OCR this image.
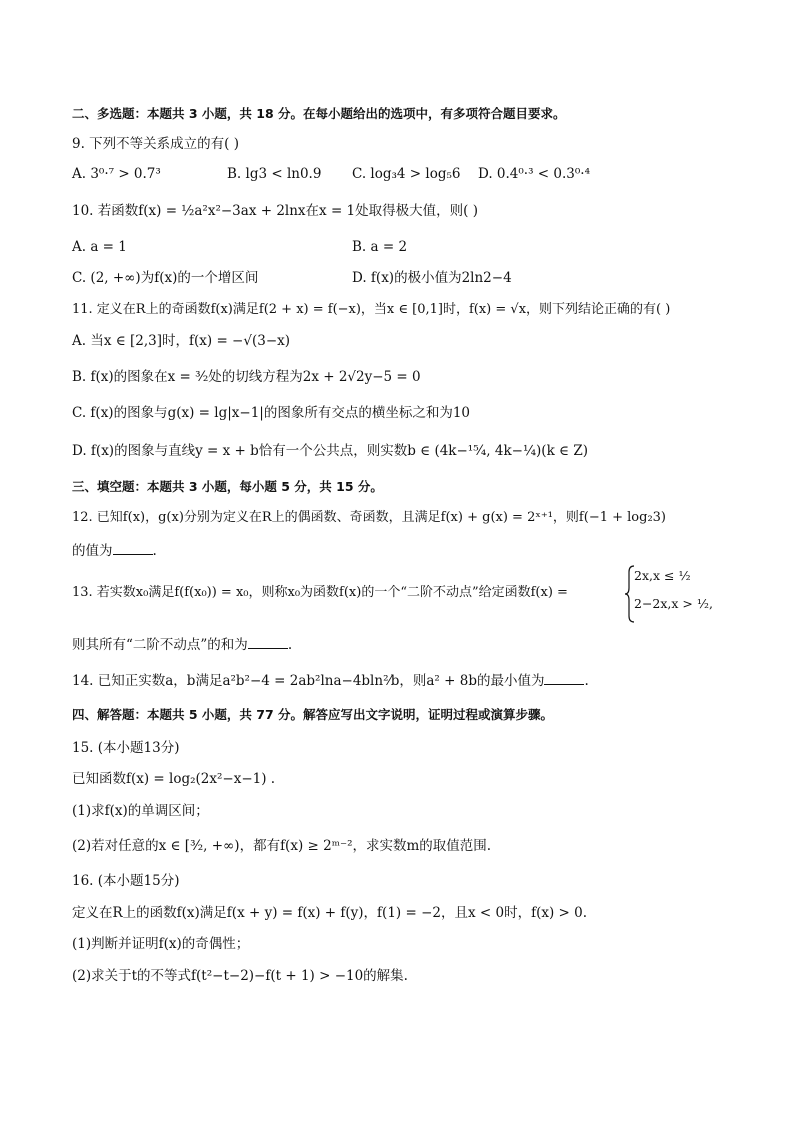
二、多选题：本题共 3 小题，共 18 分。在每小题给出的选项中，有多项符合题目要求。
9. 下列不等关系成立的有( )
A. 3⁰·⁷ > 0.7³	B. lg3 < ln0.9 C. log₃4 > log₅6 D. 0.4⁰·³ < 0.3⁰·⁴
10. 若函数f(x) = ½a²x²−3ax + 2lnx在x = 1处取得极大值，则( )
A. a = 1	B. a = 2
C. (2, +∞)为f(x)的一个增区间	D. f(x)的极小值为2ln2−4
11. 定义在R上的奇函数f(x)满足f(2 + x) = f(−x)，当x ∈ [0,1]时，f(x) = √x，则下列结论正确的有( )
A. 当x ∈ [2,3]时，f(x) = −√(3−x)
B. f(x)的图象在x = ³⁄₂处的切线方程为2x + 2√2y−5 = 0
C. f(x)的图象与g(x) = lg|x−1|的图象所有交点的横坐标之和为10
D. f(x)的图象与直线y = x + b恰有一个公共点，则实数b ∈ (4k−¹⁵⁄₄, 4k−¼)(k ∈ Z)
三、填空题：本题共 3 小题，每小题 5 分，共 15 分。
12. 已知f(x)，g(x)分别为定义在R上的偶函数、奇函数，且满足f(x) + g(x) = 2ˣ⁺¹，则f(−1 + log₂3)
的值为	.
13. 若实数x₀满足f(f(x₀)) = x₀，则称x₀为函数f(x)的一个“二阶不动点”给定函数f(x) =
2x,x ≤ ½
2−2x,x > ½,
则其所有“二阶不动点”的和为	.
14. 已知正实数a，b满足a²b²−4 = 2ab²lna−4bln²⁄b，则a² + 8b的最小值为	.
四、解答题：本题共 5 小题，共 77 分。解答应写出文字说明，证明过程或演算步骤。
15. (本小题13分)
已知函数f(x) = log₂(2x²−x−1) .
(1)求f(x)的单调区间；
(2)若对任意的x ∈ [³⁄₂, +∞)，都有f(x) ≥ 2ᵐ⁻²，求实数m的取值范围.
16. (本小题15分)
定义在R上的函数f(x)满足f(x + y) = f(x) + f(y)，f(1) = −2，且x < 0时，f(x) > 0.
(1)判断并证明f(x)的奇偶性；
(2)求关于t的不等式f(t²−t−2)−f(t + 1) > −10的解集.
